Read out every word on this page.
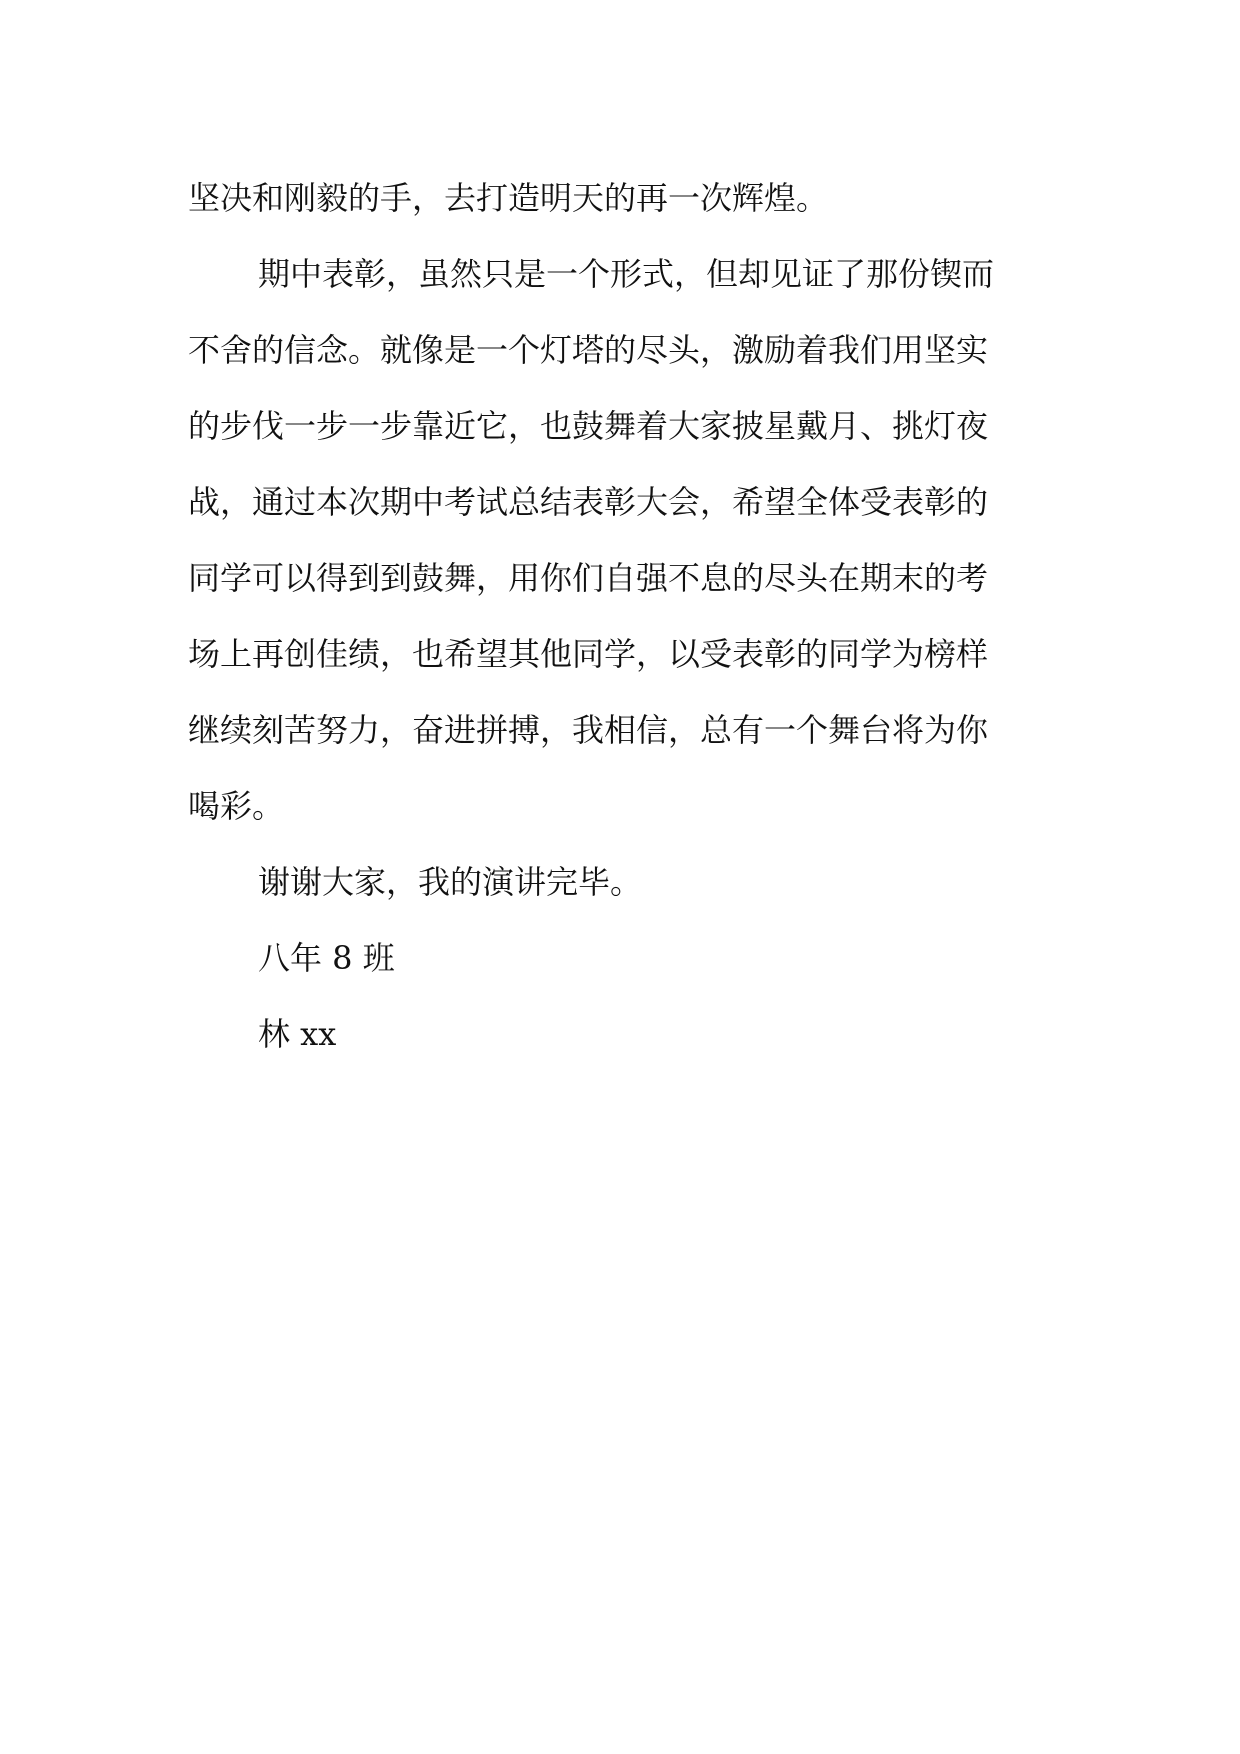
坚决和刚毅的手，去打造明天的再一次辉煌。
期中表彰，虽然只是一个形式，但却见证了那份锲而
不舍的信念。就像是一个灯塔的尽头，激励着我们用坚实
的步伐一步一步靠近它，也鼓舞着大家披星戴月、挑灯夜
战，通过本次期中考试总结表彰大会，希望全体受表彰的
同学可以得到到鼓舞，用你们自强不息的尽头在期末的考
场上再创佳绩，也希望其他同学，以受表彰的同学为榜样
继续刻苦努力，奋进拼搏，我相信，总有一个舞台将为你
喝彩。
谢谢大家，我的演讲完毕。
八年 8 班
林 xx
